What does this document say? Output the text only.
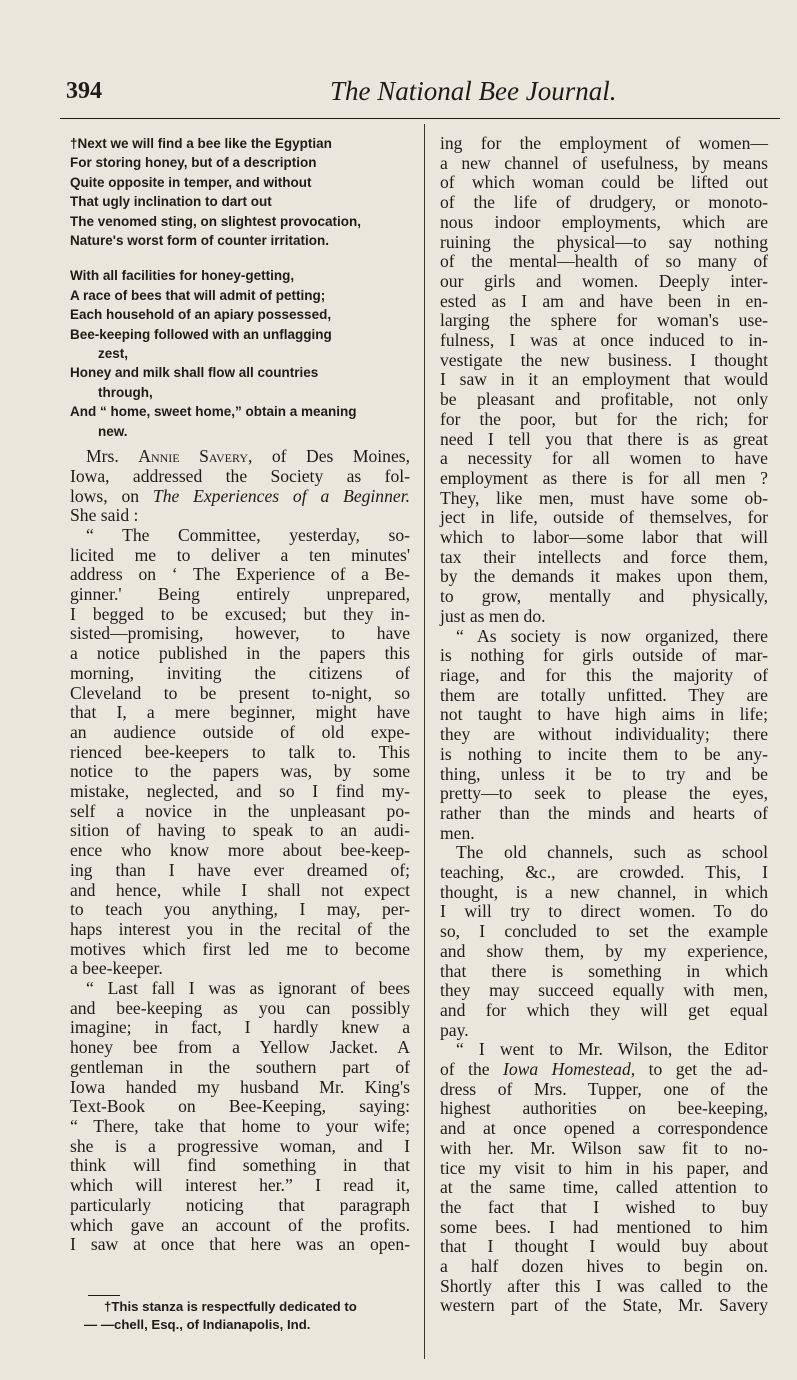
394	The National Bee Journal.
†Next we will find a bee like the Egyptian
For storing honey, but of a description
Quite opposite in temper, and without
That ugly inclination to dart out
The venomed sting, on slightest provocation,
Nature's worst form of counter irritation.
With all facilities for honey-getting,
A race of bees that will admit of petting;
Each household of an apiary possessed,
Bee-keeping followed with an unflagging
zest,
Honey and milk shall flow all countries
through,
And “ home, sweet home,” obtain a meaning
new.
Mrs. Annie Savery, of Des Moines,
Iowa, addressed the Society as fol-
lows, on The Experiences of a Beginner.
She said :
“ The Committee, yesterday, so-
licited me to deliver a ten minutes'
address on ‘ The Experience of a Be-
ginner.' Being entirely unprepared,
I begged to be excused; but they in-
sisted—promising, however, to have
a notice published in the papers this
morning, inviting the citizens of
Cleveland to be present to-night, so
that I, a mere beginner, might have
an audience outside of old expe-
rienced bee-keepers to talk to. This
notice to the papers was, by some
mistake, neglected, and so I find my-
self a novice in the unpleasant po-
sition of having to speak to an audi-
ence who know more about bee-keep-
ing than I have ever dreamed of;
and hence, while I shall not expect
to teach you anything, I may, per-
haps interest you in the recital of the
motives which first led me to become
a bee-keeper.
“ Last fall I was as ignorant of bees
and bee-keeping as you can possibly
imagine; in fact, I hardly knew a
honey bee from a Yellow Jacket. A
gentleman in the southern part of
Iowa handed my husband Mr. King's
Text-Book on Bee-Keeping, saying:
“ There, take that home to your wife;
she is a progressive woman, and I
think will find something in that
which will interest her.” I read it,
particularly noticing that paragraph
which gave an account of the profits.
I saw at once that here was an open-
†This stanza is respectfully dedicated to
— —chell, Esq., of Indianapolis, Ind.
ing for the employment of women—
a new channel of usefulness, by means
of which woman could be lifted out
of the life of drudgery, or monoto-
nous indoor employments, which are
ruining the physical—to say nothing
of the mental—health of so many of
our girls and women. Deeply inter-
ested as I am and have been in en-
larging the sphere for woman's use-
fulness, I was at once induced to in-
vestigate the new business. I thought
I saw in it an employment that would
be pleasant and profitable, not only
for the poor, but for the rich; for
need I tell you that there is as great
a necessity for all women to have
employment as there is for all men ?
They, like men, must have some ob-
ject in life, outside of themselves, for
which to labor—some labor that will
tax their intellects and force them,
by the demands it makes upon them,
to grow, mentally and physically,
just as men do.
“ As society is now organized, there
is nothing for girls outside of mar-
riage, and for this the majority of
them are totally unfitted. They are
not taught to have high aims in life;
they are without individuality; there
is nothing to incite them to be any-
thing, unless it be to try and be
pretty—to seek to please the eyes,
rather than the minds and hearts of
men.
The old channels, such as school
teaching, &c., are crowded. This, I
thought, is a new channel, in which
I will try to direct women. To do
so, I concluded to set the example
and show them, by my experience,
that there is something in which
they may succeed equally with men,
and for which they will get equal
pay.
“ I went to Mr. Wilson, the Editor
of the Iowa Homestead, to get the ad-
dress of Mrs. Tupper, one of the
highest authorities on bee-keeping,
and at once opened a correspondence
with her. Mr. Wilson saw fit to no-
tice my visit to him in his paper, and
at the same time, called attention to
the fact that I wished to buy
some bees. I had mentioned to him
that I thought I would buy about
a half dozen hives to begin on.
Shortly after this I was called to the
western part of the State, Mr. Savery
